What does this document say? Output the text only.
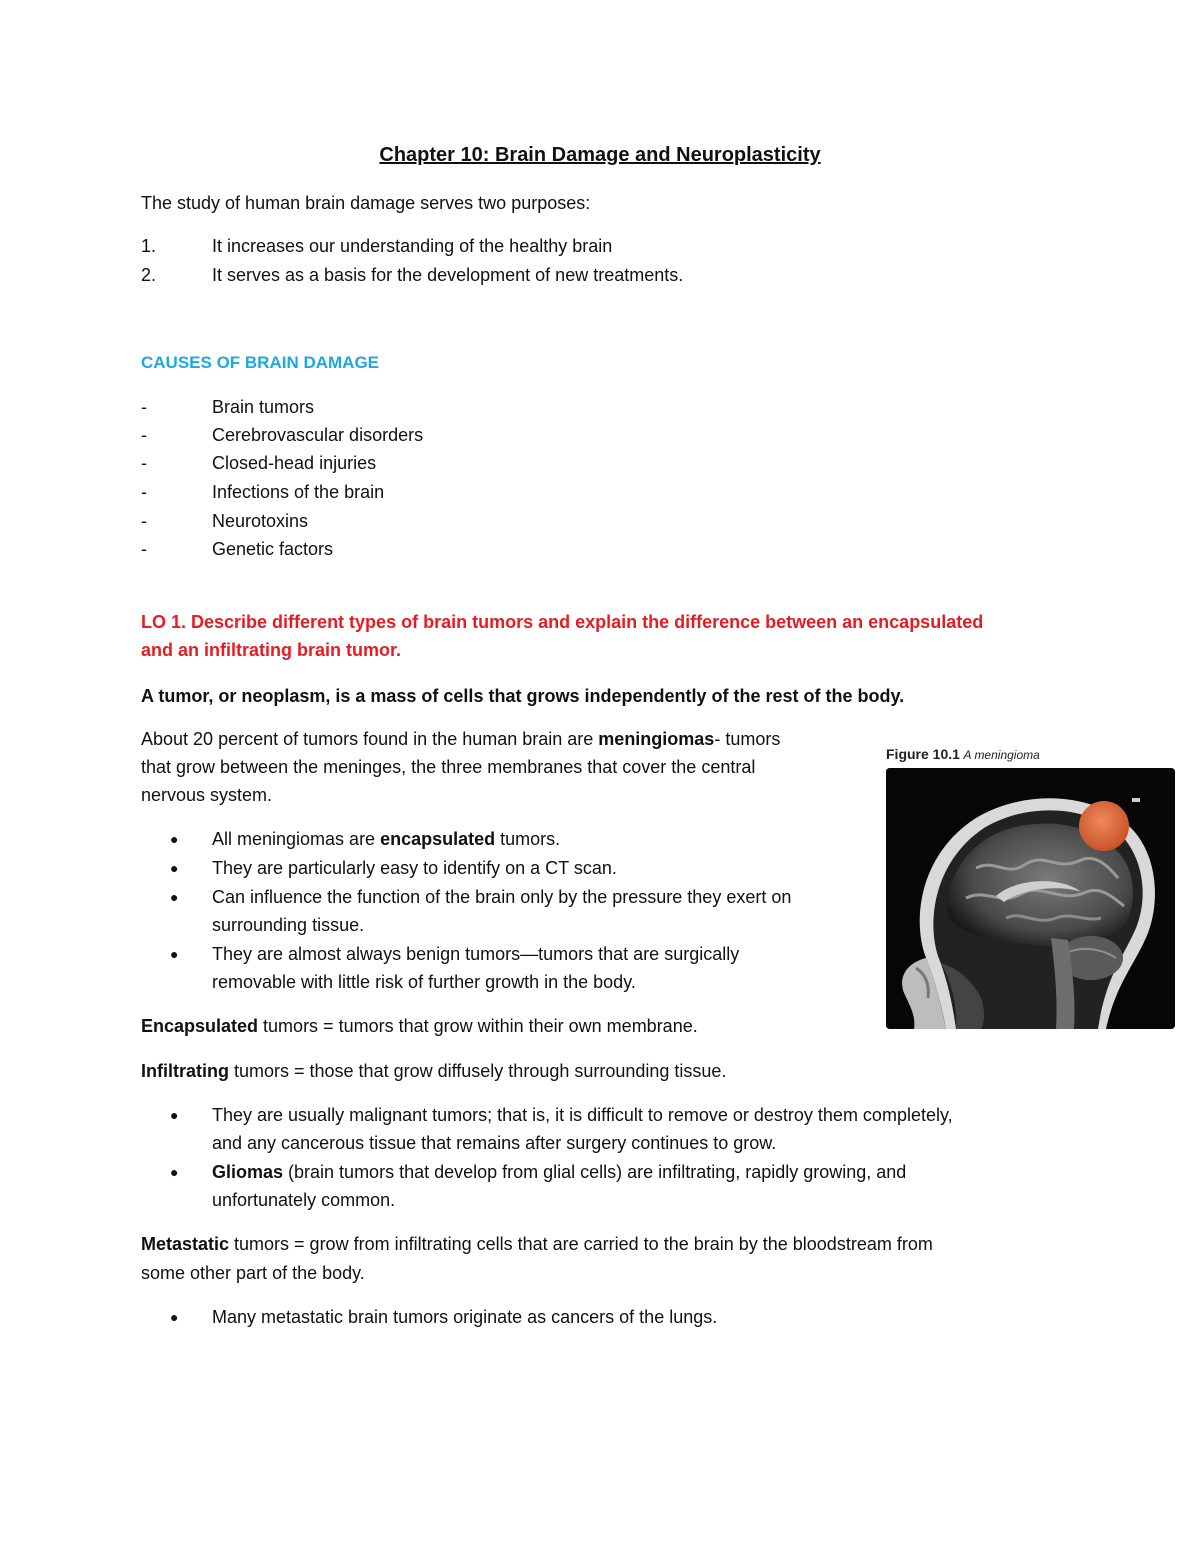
Chapter 10: Brain Damage and Neuroplasticity
The study of human brain damage serves two purposes:
1.	It increases our understanding of the healthy brain
2.	It serves as a basis for the development of new treatments.
CAUSES OF BRAIN DAMAGE
-	Brain tumors
-	Cerebrovascular disorders
-	Closed-head injuries
-	Infections of the brain
-	Neurotoxins
-	Genetic factors
LO 1. Describe different types of brain tumors and explain the difference between an encapsulated
and an infiltrating brain tumor.
A tumor, or neoplasm, is a mass of cells that grows independently of the rest of the body.
About 20 percent of tumors found in the human brain are meningiomas- tumors
that grow between the meninges, the three membranes that cover the central
nervous system.
● All meningiomas are encapsulated tumors.
● They are particularly easy to identify on a CT scan.
● Can influence the function of the brain only by the pressure they exert on
surrounding tissue.
● They are almost always benign tumors—tumors that are surgically
removable with little risk of further growth in the body.
Encapsulated tumors = tumors that grow within their own membrane.
Infiltrating tumors = those that grow diffusely through surrounding tissue.
● They are usually malignant tumors; that is, it is difficult to remove or destroy them completely,
and any cancerous tissue that remains after surgery continues to grow.
● Gliomas (brain tumors that develop from glial cells) are infiltrating, rapidly growing, and
unfortunately common.
Metastatic tumors = grow from infiltrating cells that are carried to the brain by the bloodstream from
some other part of the body.
● Many metastatic brain tumors originate as cancers of the lungs.
Figure 10.1 A meningioma
